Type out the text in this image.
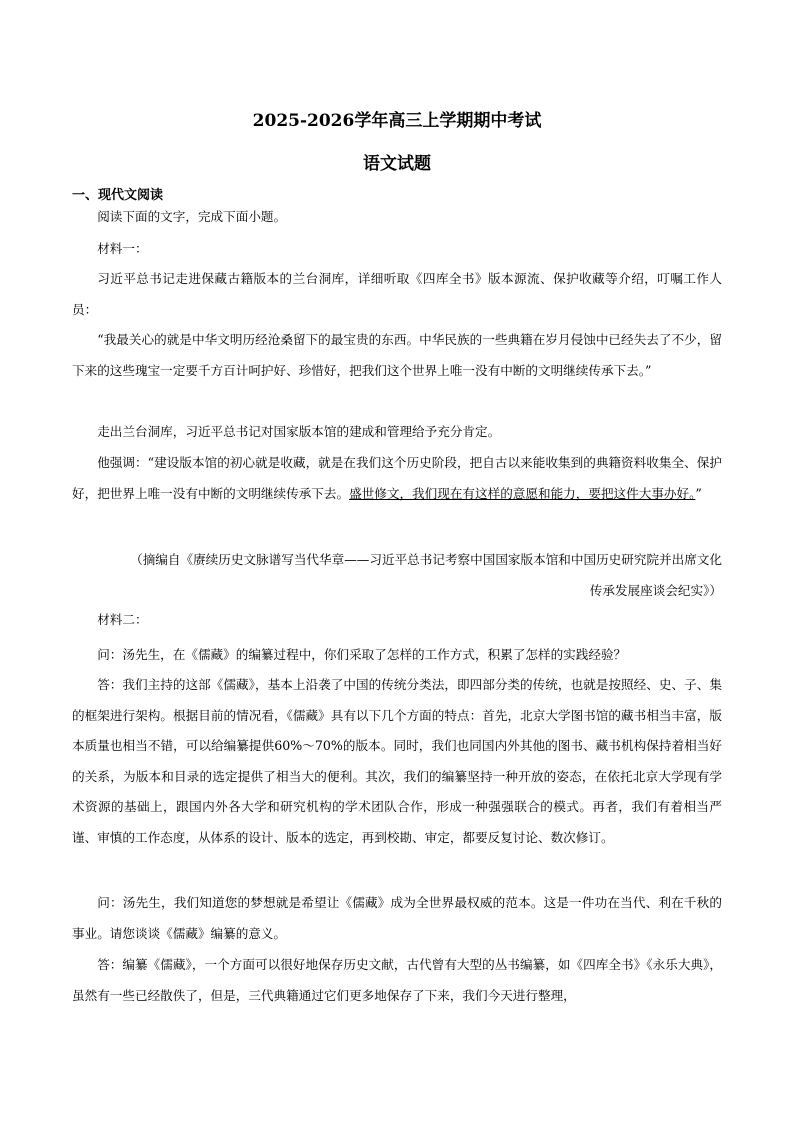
2025-2026学年高三上学期期中考试
语文试题
一、现代文阅读
阅读下面的文字，完成下面小题。
材料一：
习近平总书记走进保藏古籍版本的兰台洞库，详细听取《四库全书》版本源流、保护收藏等介绍，叮嘱工作人员：
“我最关心的就是中华文明历经沧桑留下的最宝贵的东西。中华民族的一些典籍在岁月侵蚀中已经失去了不少，留下来的这些瑰宝一定要千方百计呵护好、珍惜好，把我们这个世界上唯一没有中断的文明继续传承下去。”
走出兰台洞库，习近平总书记对国家版本馆的建成和管理给予充分肯定。
他强调：“建设版本馆的初心就是收藏，就是在我们这个历史阶段，把自古以来能收集到的典籍资料收集全、保护好，把世界上唯一没有中断的文明继续传承下去。盛世修文，我们现在有这样的意愿和能力，要把这件大事办好。”
（摘编自《赓续历史文脉谱写当代华章——习近平总书记考察中国国家版本馆和中国历史研究院并出席文化传承发展座谈会纪实》）
材料二：
问：汤先生，在《儒藏》的编纂过程中，你们采取了怎样的工作方式，积累了怎样的实践经验？
答：我们主持的这部《儒藏》，基本上沿袭了中国的传统分类法，即四部分类的传统，也就是按照经、史、子、集的框架进行架构。根据目前的情况看，《儒藏》具有以下几个方面的特点：首先，北京大学图书馆的藏书相当丰富，版本质量也相当不错，可以给编纂提供60%～70%的版本。同时，我们也同国内外其他的图书、藏书机构保持着相当好的关系，为版本和目录的选定提供了相当大的便利。其次，我们的编纂坚持一种开放的姿态，在依托北京大学现有学术资源的基础上，跟国内外各大学和研究机构的学术团队合作，形成一种强强联合的模式。再者，我们有着相当严谨、审慎的工作态度，从体系的设计、版本的选定，再到校勘、审定，都要反复讨论、数次修订。
问：汤先生，我们知道您的梦想就是希望让《儒藏》成为全世界最权威的范本。这是一件功在当代、利在千秋的事业。请您谈谈《儒藏》编纂的意义。
答：编纂《儒藏》，一个方面可以很好地保存历史文献，古代曾有大型的丛书编纂，如《四库全书》《永乐大典》，虽然有一些已经散佚了，但是，三代典籍通过它们更多地保存了下来，我们今天进行整理，
